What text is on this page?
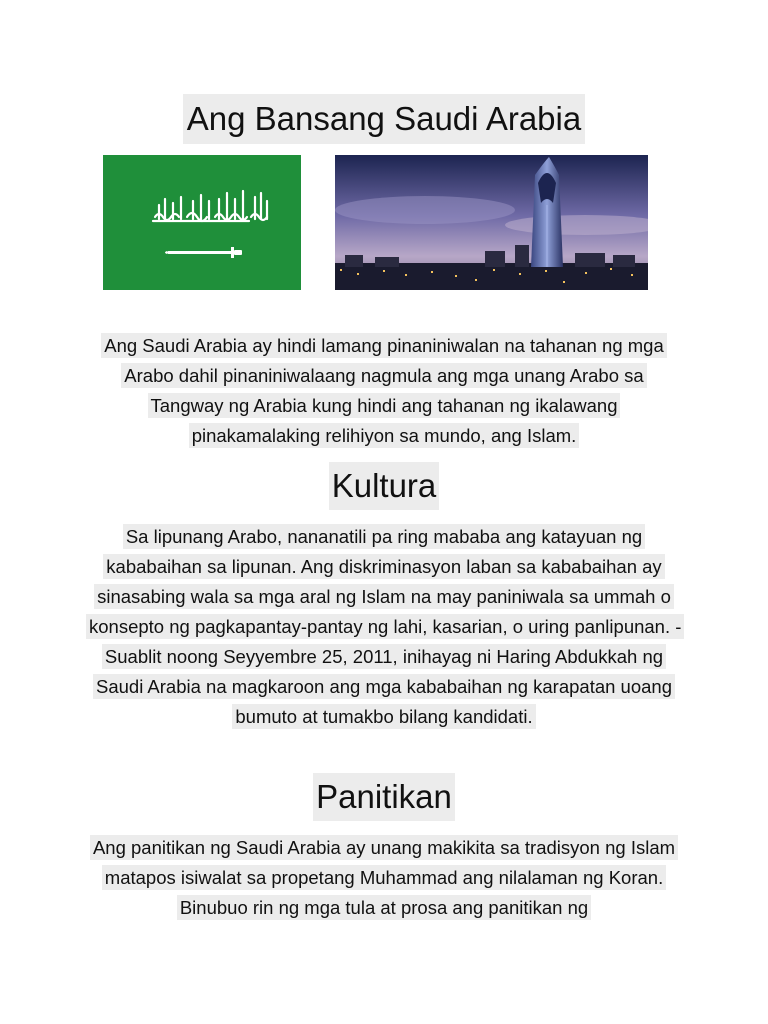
Ang Bansang Saudi Arabia

Ang Saudi Arabia ay hindi lamang pinaniniwalan na tahanan ng mga Arabo dahil pinaniniwalaang nagmula ang mga unang Arabo sa Tangway ng Arabia kung hindi ang tahanan ng ikalawang pinakamalaking relihiyon sa mundo, ang Islam.

Kultura

Sa lipunang Arabo, nananatili pa ring mababa ang katayuan ng kababaihan sa lipunan. Ang diskriminasyon laban sa kababaihan ay sinasabing wala sa mga aral ng Islam na may paniniwala sa ummah o konsepto ng pagkapantay-pantay ng lahi, kasarian, o uring panlipunan. - Suablit noong Seyyembre 25, 2011, inihayag ni Haring Abdukkah ng Saudi Arabia na magkaroon ang mga kababaihan ng karapatan uoang bumuto at tumakbo bilang kandidati.

Panitikan

Ang panitikan ng Saudi Arabia ay unang makikita sa tradisyon ng Islam matapos isiwalat sa propetang Muhammad ang nilalaman ng Koran. Binubuo rin ng mga tula at prosa ang panitikan ng
